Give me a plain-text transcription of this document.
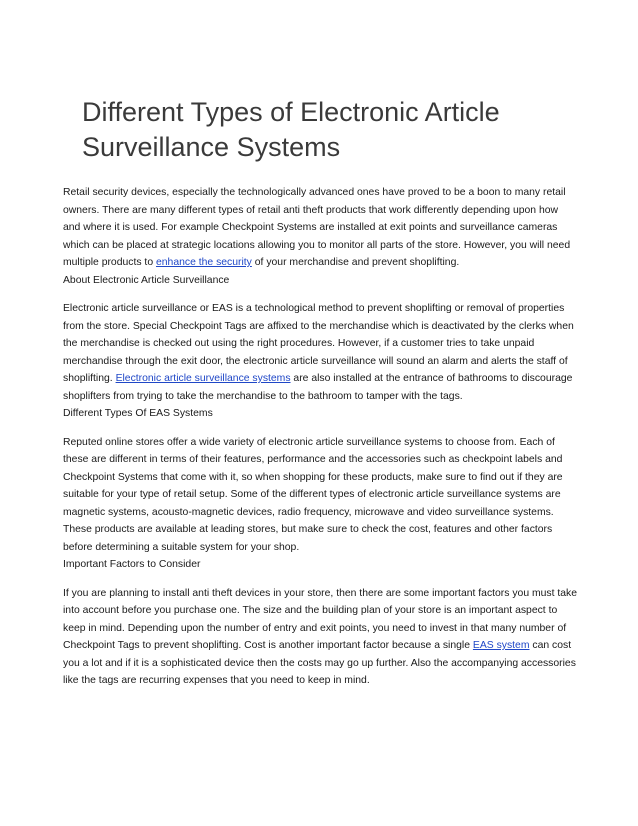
Different Types of Electronic Article Surveillance Systems

Retail security devices, especially the technologically advanced ones have proved to be a boon to many retail owners. There are many different types of retail anti theft products that work differently depending upon how and where it is used. For example Checkpoint Systems are installed at exit points and surveillance cameras which can be placed at strategic locations allowing you to monitor all parts of the store. However, you will need multiple products to enhance the security of your merchandise and prevent shoplifting.

About Electronic Article Surveillance

Electronic article surveillance or EAS is a technological method to prevent shoplifting or removal of properties from the store. Special Checkpoint Tags are affixed to the merchandise which is deactivated by the clerks when the merchandise is checked out using the right procedures. However, if a customer tries to take unpaid merchandise through the exit door, the electronic article surveillance will sound an alarm and alerts the staff of shoplifting. Electronic article surveillance systems are also installed at the entrance of bathrooms to discourage shoplifters from trying to take the merchandise to the bathroom to tamper with the tags.

Different Types Of EAS Systems

Reputed online stores offer a wide variety of electronic article surveillance systems to choose from. Each of these are different in terms of their features, performance and the accessories such as checkpoint labels and Checkpoint Systems that come with it, so when shopping for these products, make sure to find out if they are suitable for your type of retail setup. Some of the different types of electronic article surveillance systems are magnetic systems, acousto-magnetic devices, radio frequency, microwave and video surveillance systems. These products are available at leading stores, but make sure to check the cost, features and other factors before determining a suitable system for your shop.

Important Factors to Consider

If you are planning to install anti theft devices in your store, then there are some important factors you must take into account before you purchase one. The size and the building plan of your store is an important aspect to keep in mind. Depending upon the number of entry and exit points, you need to invest in that many number of Checkpoint Tags to prevent shoplifting. Cost is another important factor because a single EAS system can cost you a lot and if it is a sophisticated device then the costs may go up further. Also the accompanying accessories like the tags are recurring expenses that you need to keep in mind.
